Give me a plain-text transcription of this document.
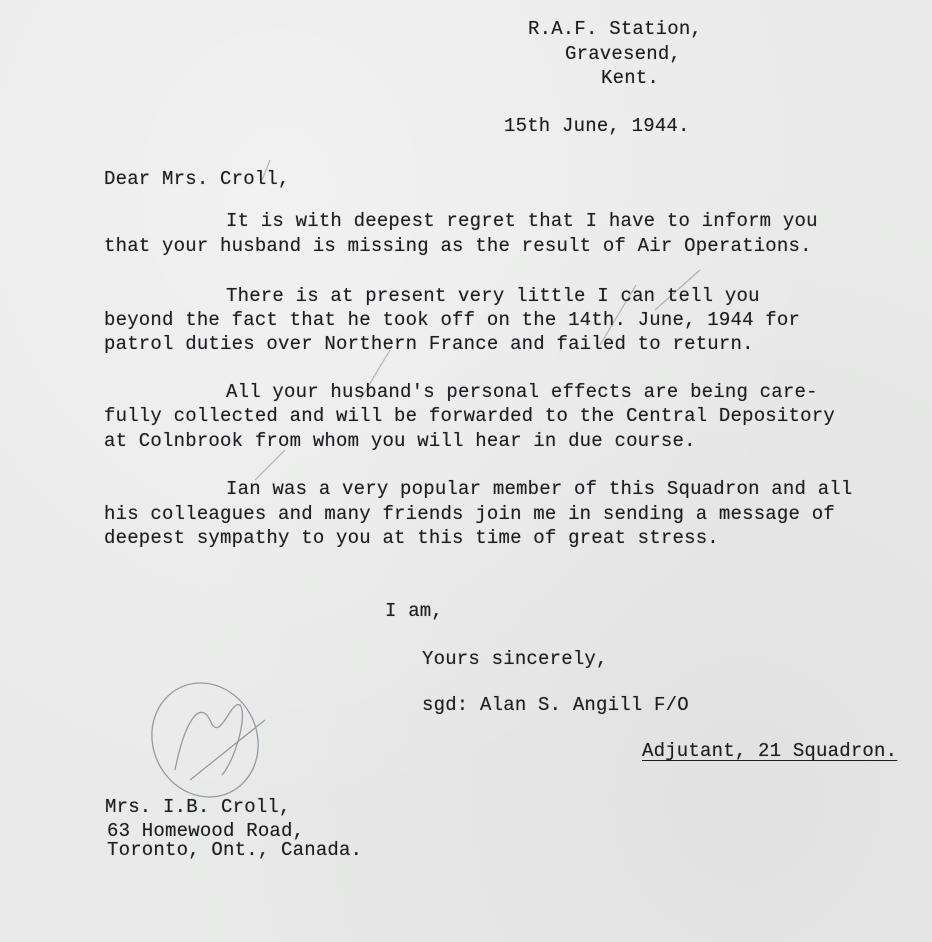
R.A.F. Station,
Gravesend,
Kent.
15th June, 1944.
Dear Mrs. Croll,
It is with deepest regret that I have to inform you
that your husband is missing as the result of Air Operations.
There is at present very little I can tell you
beyond the fact that he took off on the 14th. June, 1944 for
patrol duties over Northern France and failed to return.
All your husband's personal effects are being care-
fully collected and will be forwarded to the Central Depository
at Colnbrook from whom you will hear in due course.
Ian was a very popular member of this Squadron and all
his colleagues and many friends join me in sending a message of
deepest sympathy to you at this time of great stress.
I am,
Yours sincerely,
sgd: Alan S. Angill F/O
Adjutant, 21 Squadron.
Mrs. I.B. Croll,
63 Homewood Road,
Toronto, Ont., Canada.
